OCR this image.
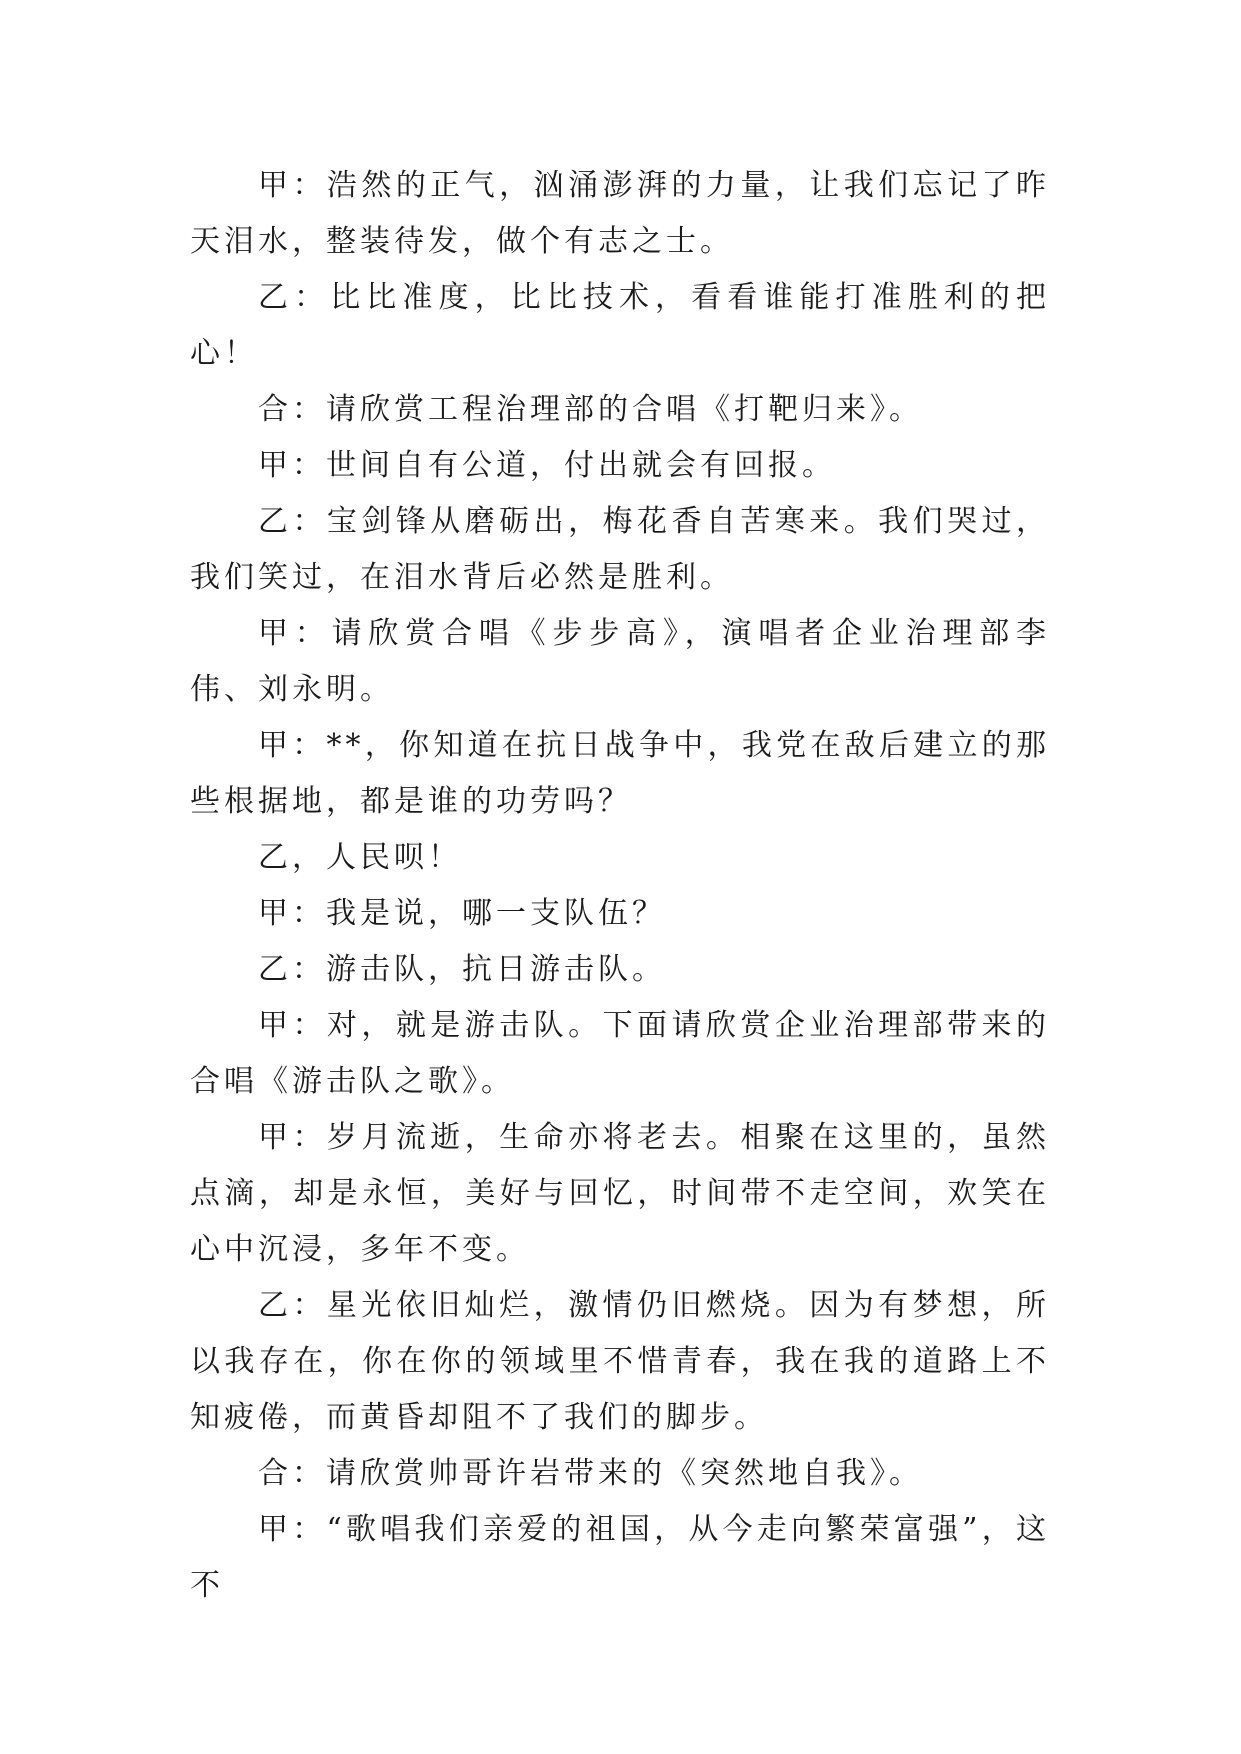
甲：浩然的正气，汹涌澎湃的力量，让我们忘记了昨天泪水，整装待发，做个有志之士。

乙：比比准度，比比技术，看看谁能打准胜利的把心！

合：请欣赏工程治理部的合唱《打靶归来》。

甲：世间自有公道，付出就会有回报。

乙：宝剑锋从磨砺出，梅花香自苦寒来。我们哭过，我们笑过，在泪水背后必然是胜利。

甲：请欣赏合唱《步步高》，演唱者企业治理部李伟、刘永明。

甲：**，你知道在抗日战争中，我党在敌后建立的那些根据地，都是谁的功劳吗？

乙，人民呗！

甲：我是说，哪一支队伍？

乙：游击队，抗日游击队。

甲：对，就是游击队。下面请欣赏企业治理部带来的合唱《游击队之歌》。

甲：岁月流逝，生命亦将老去。相聚在这里的，虽然点滴，却是永恒，美好与回忆，时间带不走空间，欢笑在心中沉浸，多年不变。

乙：星光依旧灿烂，激情仍旧燃烧。因为有梦想，所以我存在，你在你的领域里不惜青春，我在我的道路上不知疲倦，而黄昏却阻不了我们的脚步。

合：请欣赏帅哥许岩带来的《突然地自我》。

甲：“歌唱我们亲爱的祖国，从今走向繁荣富强”，这不
